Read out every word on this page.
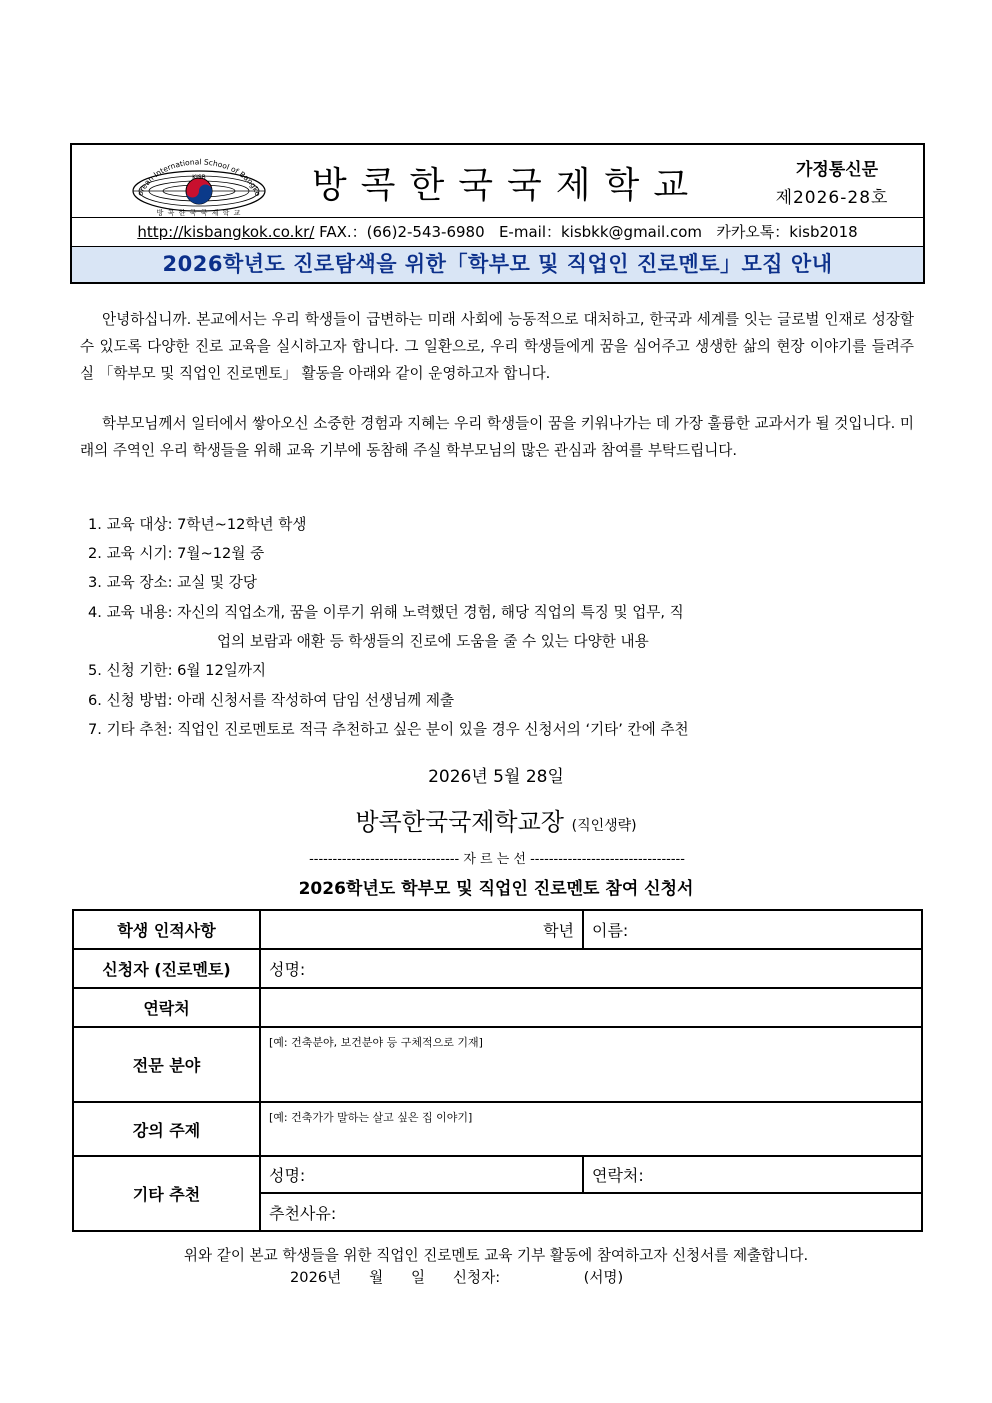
orean International School of Bangko
KISB
방 콕 한 국 국 제 학 교
방콕한국국제학교	가정통신문
제2026-28호
http://kisbangkok.co.kr/ FAX.：(66)2-543-6980 E-mail：kisbkk@gmail.com 카카오톡：kisb2018
2026학년도 진로탐색을 위한「학부모 및 직업인 진로멘토」모집 안내
안녕하십니까. 본교에서는 우리 학생들이 급변하는 미래 사회에 능동적으로 대처하고, 한국과 세계를 잇는 글로벌 인재로 성장할 수 있도록 다양한 진로 교육을 실시하고자 합니다. 그 일환으로, 우리 학생들에게 꿈을 심어주고 생생한 삶의 현장 이야기를 들려주실 「학부모 및 직업인 진로멘토」 활동을 아래와 같이 운영하고자 합니다.
학부모님께서 일터에서 쌓아오신 소중한 경험과 지혜는 우리 학생들이 꿈을 키워나가는 데 가장 훌륭한 교과서가 될 것입니다. 미래의 주역인 우리 학생들을 위해 교육 기부에 동참해 주실 학부모님의 많은 관심과 참여를 부탁드립니다.
1. 교육 대상: 7학년~12학년 학생
2. 교육 시기: 7월~12월 중
3. 교육 장소: 교실 및 강당
4. 교육 내용: 자신의 직업소개, 꿈을 이루기 위해 노력했던 경험, 해당 직업의 특징 및 업무, 직
업의 보람과 애환 등 학생들의 진로에 도움을 줄 수 있는 다양한 내용
5. 신청 기한: 6월 12일까지
6. 신청 방법: 아래 신청서를 작성하여 담임 선생님께 제출
7. 기타 추천: 직업인 진로멘토로 적극 추천하고 싶은 분이 있을 경우 신청서의 ‘기타’ 칸에 추천
2026년 5월 28일
방콕한국국제학교장 (직인생략)
-------------------------------- 자 르 는 선 ---------------------------------
2026학년도 학부모 및 직업인 진로멘토 참여 신청서
학생 인적사항	학년	이름:
신청자 (진로멘토)	성명:	
연락처		
전문 분야	[예: 건축분야, 보건분야 등 구체적으로 기재]	

강의 주제	[예: 건축가가 말하는 살고 싶은 집 이야기]	

기타 추천	성명:	연락처:
	추천사유:	
위와 같이 본교 학생들을 위한 직업인 진로멘토 교육 기부 활동에 참여하고자 신청서를 제출합니다.
2026년      월      일      신청자:                  (서명)
